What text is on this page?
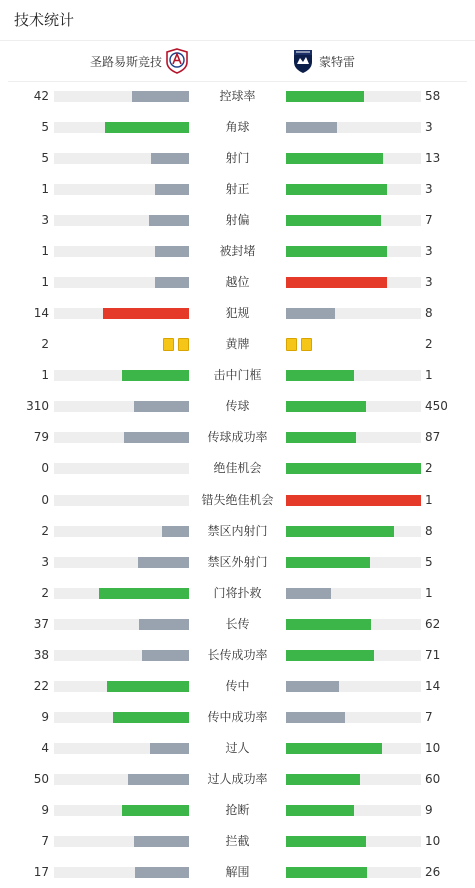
技术统计
圣路易斯竞技	蒙特雷
42	控球率	58
5	角球	3
5	射门	13
1	射正	3
3	射偏	7
1	被封堵	3
1	越位	3
14	犯规	8
2	黄牌	2
1	击中门框	1
310	传球	450
79	传球成功率	87
0	绝佳机会	2
0	错失绝佳机会	1
2	禁区内射门	8
3	禁区外射门	5
2	门将扑救	1
37	长传	62
38	长传成功率	71
22	传中	14
9	传中成功率	7
4	过人	10
50	过人成功率	60
9	抢断	9
7	拦截	10
17	解围	26
